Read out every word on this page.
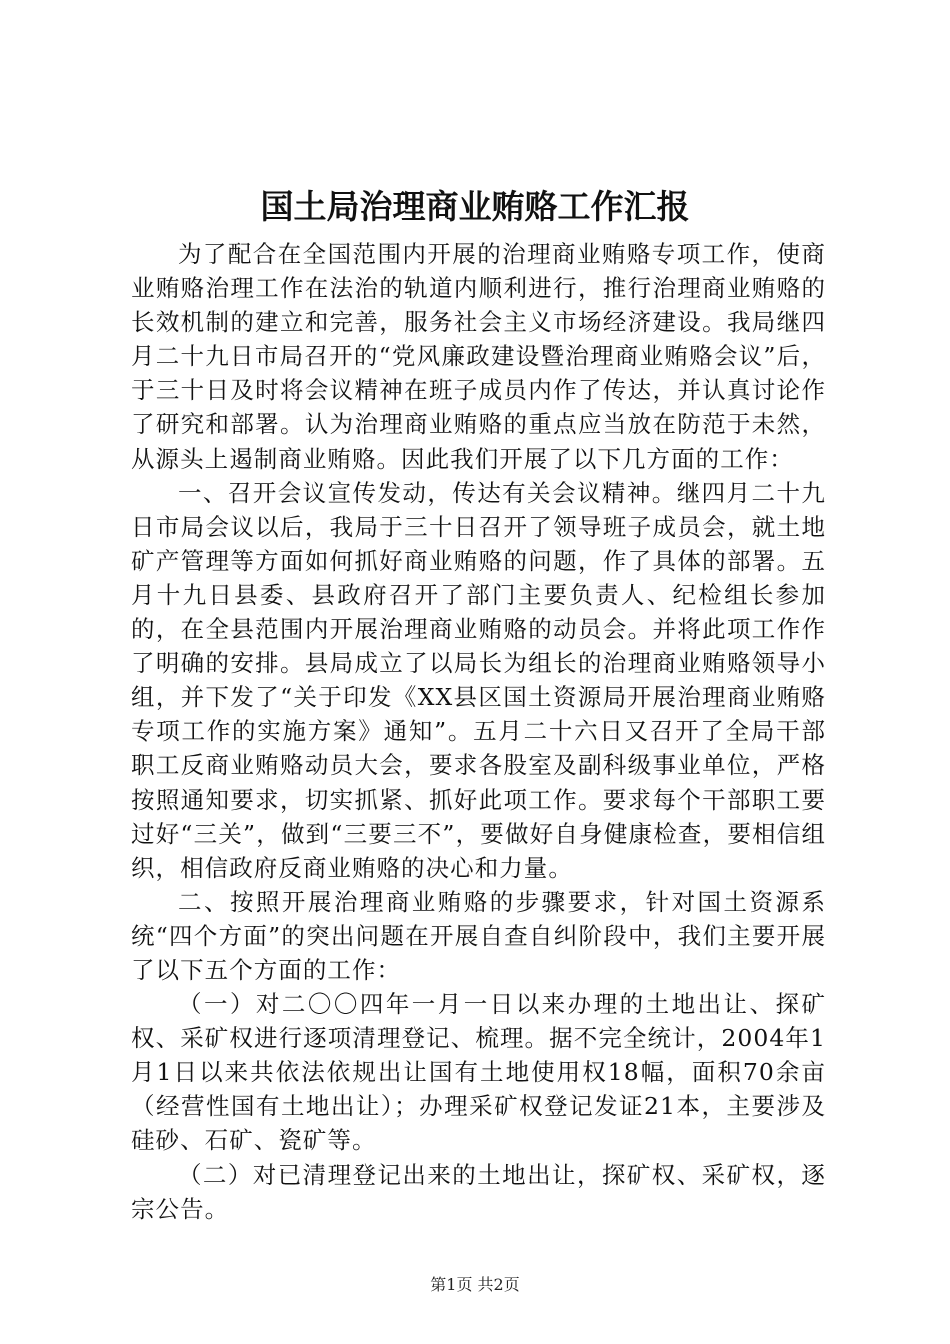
国土局治理商业贿赂工作汇报

为了配合在全国范围内开展的治理商业贿赂专项工作，使商业贿赂治理工作在法治的轨道内顺利进行，推行治理商业贿赂的长效机制的建立和完善，服务社会主义市场经济建设。我局继四月二十九日市局召开的“党风廉政建设暨治理商业贿赂会议”后，于三十日及时将会议精神在班子成员内作了传达，并认真讨论作了研究和部署。认为治理商业贿赂的重点应当放在防范于未然，从源头上遏制商业贿赂。因此我们开展了以下几方面的工作：

一、召开会议宣传发动，传达有关会议精神。继四月二十九日市局会议以后，我局于三十日召开了领导班子成员会，就土地矿产管理等方面如何抓好商业贿赂的问题，作了具体的部署。五月十九日县委、县政府召开了部门主要负责人、纪检组长参加的，在全县范围内开展治理商业贿赂的动员会。并将此项工作作了明确的安排。县局成立了以局长为组长的治理商业贿赂领导小组，并下发了“关于印发《XX县区国土资源局开展治理商业贿赂专项工作的实施方案》通知”。五月二十六日又召开了全局干部职工反商业贿赂动员大会，要求各股室及副科级事业单位，严格按照通知要求，切实抓紧、抓好此项工作。要求每个干部职工要过好“三关”，做到“三要三不”，要做好自身健康检查，要相信组织，相信政府反商业贿赂的决心和力量。

二、按照开展治理商业贿赂的步骤要求，针对国土资源系统“四个方面”的突出问题在开展自查自纠阶段中，我们主要开展了以下五个方面的工作：

（一）对二〇〇四年一月一日以来办理的土地出让、探矿权、采矿权进行逐项清理登记、梳理。据不完全统计，2004年1月1日以来共依法依规出让国有土地使用权18幅，面积70余亩（经营性国有土地出让）；办理采矿权登记发证21本，主要涉及硅砂、石矿、瓷矿等。

（二）对已清理登记出来的土地出让，探矿权、采矿权，逐宗公告。

第1页 共2页
